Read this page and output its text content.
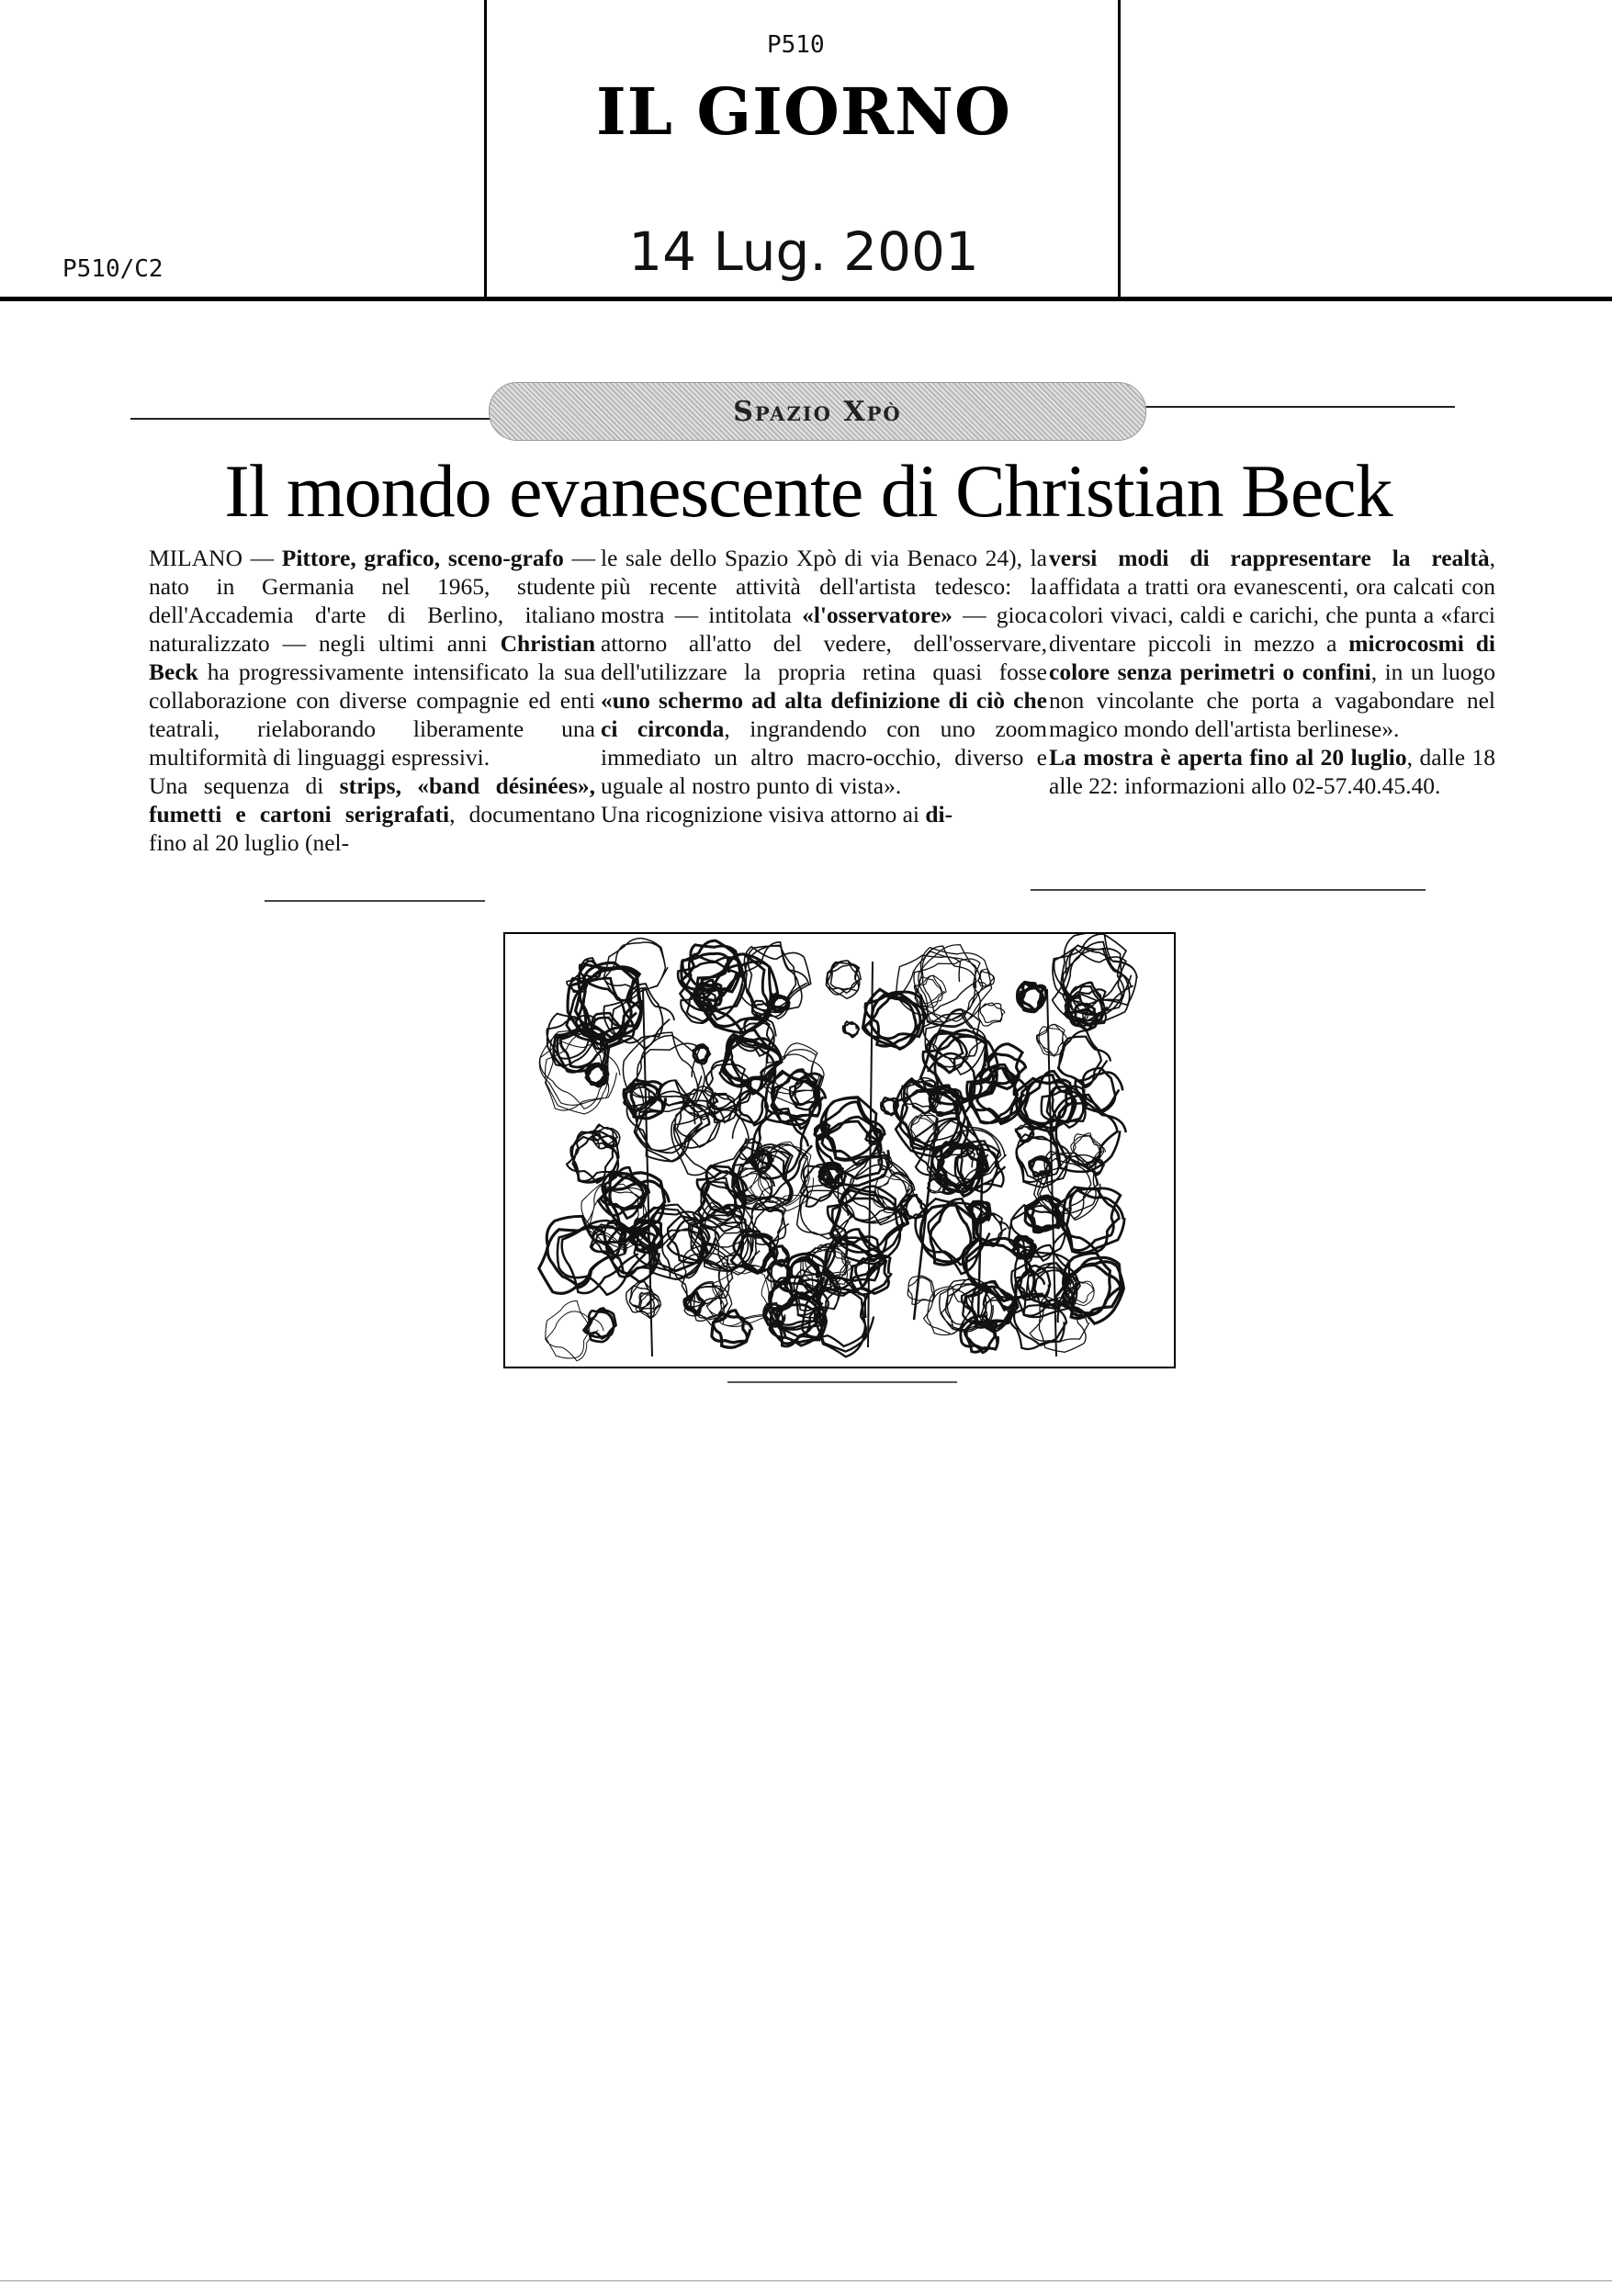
P510
IL GIORNO
P510/C2	14 Lug. 2001
Spazio Xpò
Il mondo evanescente di Christian Beck

MILANO — Pittore, grafico, sceno-grafo — nato in Germania nel 1965, studente dell'Accademia d'arte di Berlino, italiano naturalizzato — negli ultimi anni Christian Beck ha progressivamente intensificato la sua collaborazione con diverse compagnie ed enti teatrali, rielaborando liberamente una multiformità di linguaggi espressivi.

Una sequenza di strips, «band désinées», fumetti e cartoni serigrafati, documentano fino al 20 luglio (nel-

le sale dello Spazio Xpò di via Benaco 24), la più recente attività dell'artista tedesco: la mostra — intitolata «l'osservatore» — gioca attorno all'atto del vedere, dell'osservare, dell'utilizzare la propria retina quasi fosse «uno schermo ad alta definizione di ciò che ci circonda, ingrandendo con uno zoom immediato un altro macro-occhio, diverso e uguale al nostro punto di vista».

Una ricognizione visiva attorno ai di-

versi modi di rappresentare la realtà, affidata a tratti ora evanescenti, ora calcati con colori vivaci, caldi e carichi, che punta a «farci diventare piccoli in mezzo a microcosmi di colore senza perimetri o confini, in un luogo non vincolante che porta a vagabondare nel magico mondo dell'artista berlinese».

La mostra è aperta fino al 20 luglio, dalle 18 alle 22: informazioni allo 02-57.40.45.40.
